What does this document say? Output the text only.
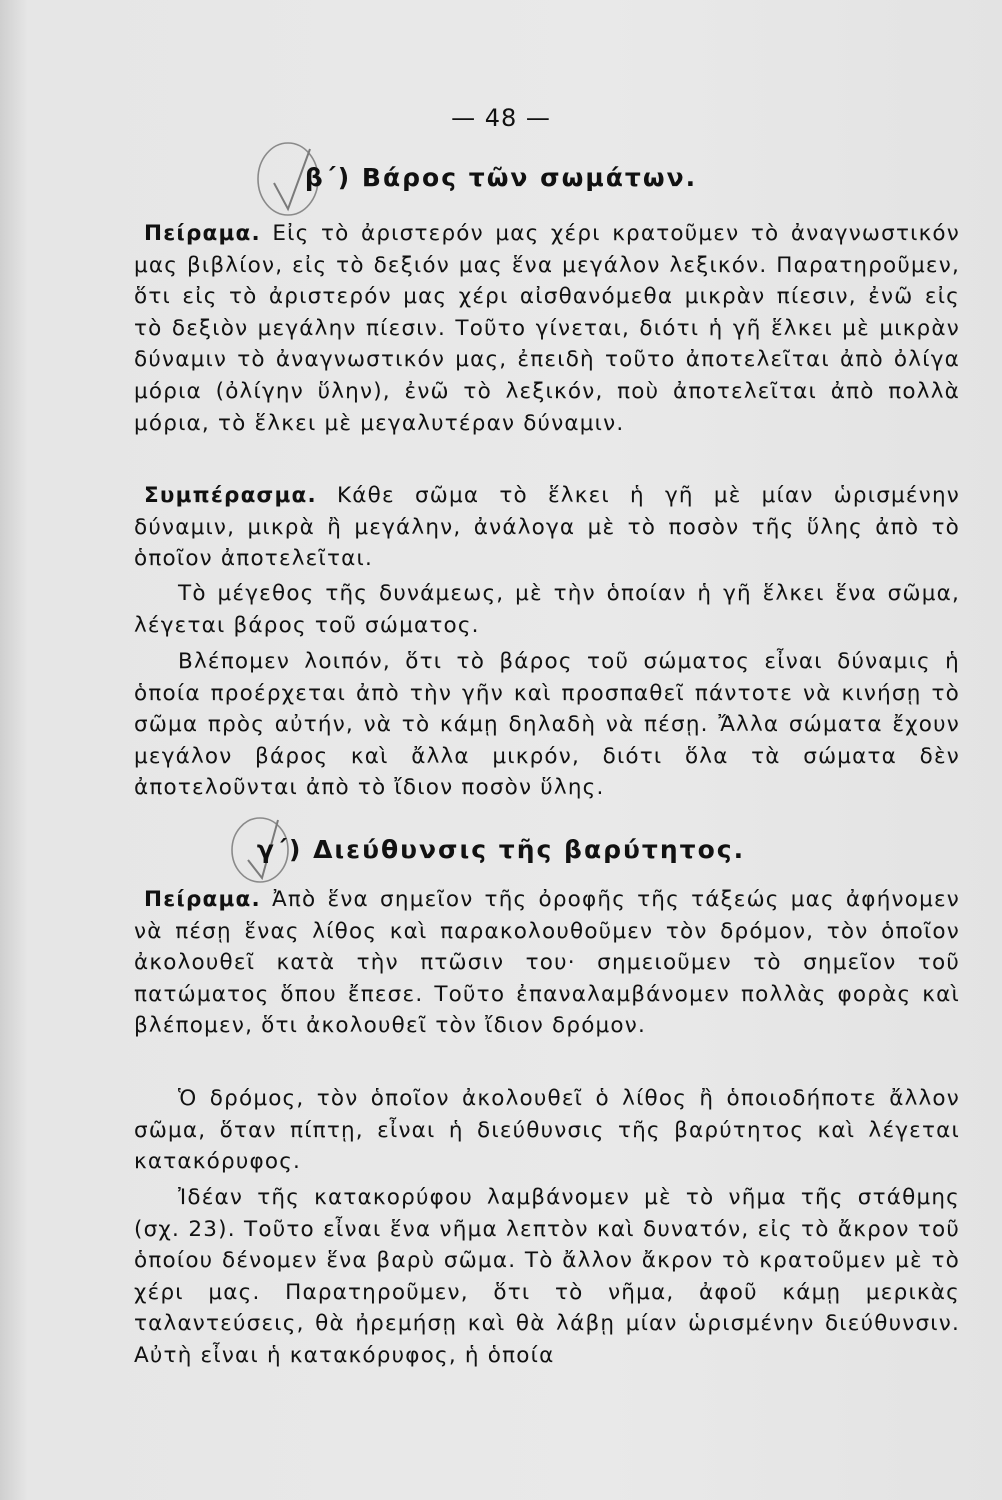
— 48 —
β΄) Βάρος τῶν σωμάτων.
Πείραμα. Εἰς τὸ ἀριστερόν μας χέρι κρατοῦμεν τὸ ἀναγνωστικόν μας βιβλίον, εἰς τὸ δεξιόν μας ἕνα μεγάλον λεξικόν. Παρατηροῦμεν, ὅτι εἰς τὸ ἀριστερόν μας χέρι αἰσθανόμεθα μικρὰν πίεσιν, ἐνῶ εἰς τὸ δεξιὸν μεγάλην πίεσιν. Τοῦτο γίνεται, διότι ἡ γῆ ἕλκει μὲ μικρὰν δύναμιν τὸ ἀναγνωστικόν μας, ἐπειδὴ τοῦτο ἀποτελεῖται ἀπὸ ὀλίγα μόρια (ὀλίγην ὕλην), ἐνῶ τὸ λεξικόν, ποὺ ἀποτελεῖται ἀπὸ πολλὰ μόρια, τὸ ἕλκει μὲ μεγαλυτέραν δύναμιν.
Συμπέρασμα. Κάθε σῶμα τὸ ἕλκει ἡ γῆ μὲ μίαν ὡρισμένην δύναμιν, μικρὰ ἢ μεγάλην, ἀνάλογα μὲ τὸ ποσὸν τῆς ὕλης ἀπὸ τὸ ὁποῖον ἀποτελεῖται.
Τὸ μέγεθος τῆς δυνάμεως, μὲ τὴν ὁποίαν ἡ γῆ ἕλκει ἕνα σῶμα, λέγεται βάρος τοῦ σώματος.
Βλέπομεν λοιπόν, ὅτι τὸ βάρος τοῦ σώματος εἶναι δύναμις ἡ ὁποία προέρχεται ἀπὸ τὴν γῆν καὶ προσπαθεῖ πάντοτε νὰ κινήσῃ τὸ σῶμα πρὸς αὐτήν, νὰ τὸ κάμῃ δηλαδὴ νὰ πέσῃ. Ἄλλα σώματα ἔχουν μεγάλον βάρος καὶ ἄλλα μικρόν, διότι ὅλα τὰ σώματα δὲν ἀποτελοῦνται ἀπὸ τὸ ἴδιον ποσὸν ὕλης.
γ΄) Διεύθυνσις τῆς βαρύτητος.
Πείραμα. Ἀπὸ ἕνα σημεῖον τῆς ὀροφῆς τῆς τάξεώς μας ἀφήνομεν νὰ πέσῃ ἕνας λίθος καὶ παρακολουθοῦμεν τὸν δρόμον, τὸν ὁποῖον ἀκολουθεῖ κατὰ τὴν πτῶσιν του· σημειοῦμεν τὸ σημεῖον τοῦ πατώματος ὅπου ἔπεσε. Τοῦτο ἐπαναλαμβάνομεν πολλὰς φορὰς καὶ βλέπομεν, ὅτι ἀκολουθεῖ τὸν ἴδιον δρόμον.
Ὁ δρόμος, τὸν ὁποῖον ἀκολουθεῖ ὁ λίθος ἢ ὁποιοδήποτε ἄλλον σῶμα, ὅταν πίπτῃ, εἶναι ἡ διεύθυνσις τῆς βαρύτητος καὶ λέγεται κατακόρυφος.
Ἰδέαν τῆς κατακορύφου λαμβάνομεν μὲ τὸ νῆμα τῆς στάθμης (σχ. 23). Τοῦτο εἶναι ἕνα νῆμα λεπτὸν καὶ δυνατόν, εἰς τὸ ἄκρον τοῦ ὁποίου δένομεν ἕνα βαρὺ σῶμα. Τὸ ἄλλον ἄκρον τὸ κρατοῦμεν μὲ τὸ χέρι μας. Παρατηροῦμεν, ὅτι τὸ νῆμα, ἀφοῦ κάμῃ μερικὰς ταλαντεύσεις, θὰ ἠρεμήσῃ καὶ θὰ λάβῃ μίαν ὡρισμένην διεύθυνσιν. Αὐτὴ εἶναι ἡ κατακόρυφος, ἡ ὁποία
